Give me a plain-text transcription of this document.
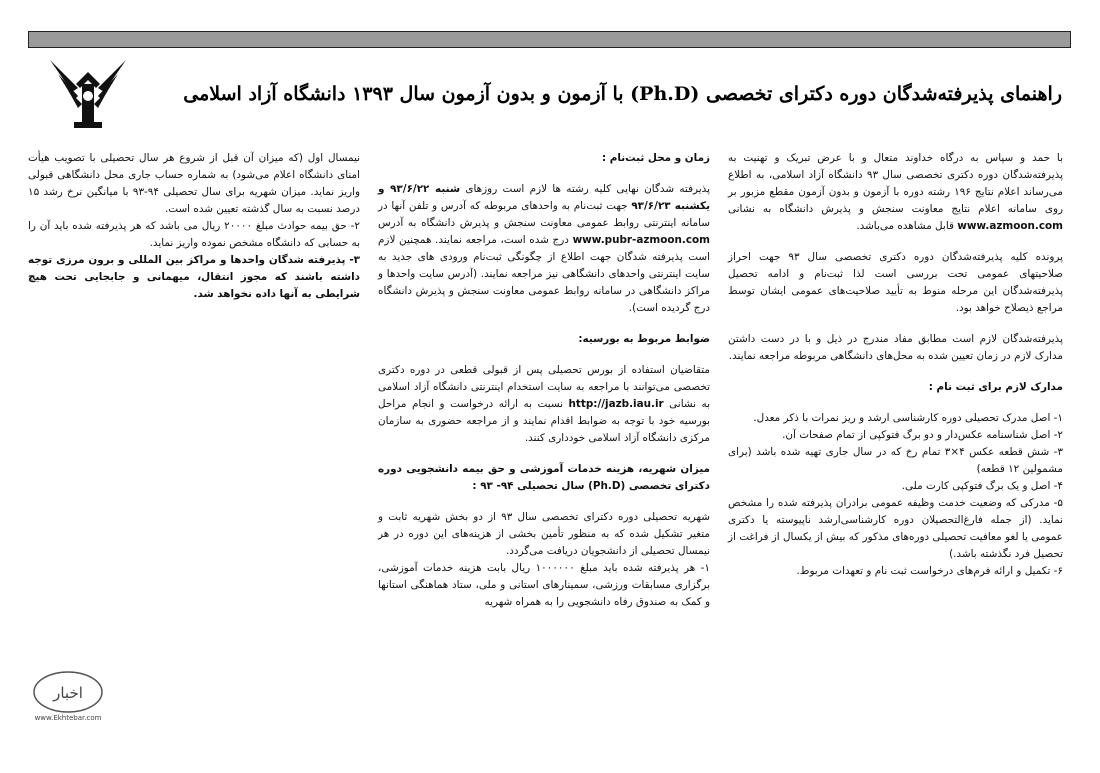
راهنمای پذیرفته‌شدگان دوره دکترای تخصصی (Ph.D) با آزمون و بدون آزمون سال ۱۳۹۳ دانشگاه آزاد اسلامی

با حمد و سپاس به درگاه خداوند متعال و با عرض تبریک و تهنیت به پذیرفته‌شدگان دوره دکتری تخصصی سال ۹۳ دانشگاه آزاد اسلامی، به اطلاع می‌رساند اعلام نتایج ۱۹۶ رشته دوره با آزمون و بدون آزمون مقطع مزبور بر روی سامانه اعلام نتایج معاونت سنجش و پذیرش دانشگاه به نشانی www.azmoon.com قابل مشاهده می‌باشد.

پرونده کلیه پذیرفته‌شدگان دوره دکتری تخصصی سال ۹۳ جهت احراز صلاحیتهای عمومی تحت بررسی است لذا ثبت‌نام و ادامه تحصیل پذیرفته‌شدگان این مرحله منوط به تأیید صلاحیت‌های عمومی ایشان توسط مراجع ذیصلاح خواهد بود.

پذیرفته‌شدگان لازم است مطابق مفاد مندرج در ذیل و با در دست داشتن مدارک لازم در زمان تعیین شده به محل‌های دانشگاهی مربوطه مراجعه نمایند.

مدارک لازم برای ثبت نام :

۱- اصل مدرک تحصیلی دوره کارشناسی ارشد و ریز نمرات با ذکر معدل.

۲- اصل شناسنامه عکس‌دار و دو برگ فتوکپی از تمام صفحات آن.

۳- شش قطعه عکس ۴×۳ تمام رخ که در سال جاری تهیه شده باشد (برای مشمولین ۱۲ قطعه)

۴- اصل و یک برگ فتوکپی کارت ملی.

۵- مدرکی که وضعیت خدمت وظیفه عمومی برادران پذیرفته شده را مشخص نماید. (از جمله فارغ‌التحصیلان دوره کارشناسی‌ارشد ناپیوسته یا دکتری عمومی یا لغو معافیت تحصیلی دوره‌های مذکور که بیش از یکسال از فراغت از تحصیل فرد نگذشته باشد.)

۶- تکمیل و ارائه فرم‌های درخواست ثبت نام و تعهدات مربوط.

زمان و محل ثبت‌نام :

پذیرفته شدگان نهایی کلیه رشته ها لازم است روزهای شنبه ۹۳/۶/۲۲ و یکشنبه ۹۳/۶/۲۳ جهت ثبت‌نام به واحدهای مربوطه که آدرس و تلفن آنها در سامانه اینترنتی روابط عمومی معاونت سنجش و پذیرش دانشگاه به آدرس www.pubr-azmoon.com درج شده است، مراجعه نمایند. همچنین لازم است پذیرفته شدگان جهت اطلاع از چگونگی ثبت‌نام ورودی های جدید به سایت اینترنتی واحدهای دانشگاهی نیز مراجعه نمایند. (آدرس سایت واحدها و مراکز دانشگاهی در سامانه روابط عمومی معاونت سنجش و پذیرش دانشگاه درج گردیده است).

ضوابط مربوط به بورسیه:

متقاضیان استفاده از بورس تحصیلی پس از قبولی قطعی در دوره دکتری تخصصی می‌توانند با مراجعه به سایت استخدام اینترنتی دانشگاه آزاد اسلامی به نشانی http://jazb.iau.ir نسبت به ارائه درخواست و انجام مراحل بورسیه خود با توجه به ضوابط اقدام نمایند و از مراجعه حضوری به سازمان مرکزی دانشگاه آزاد اسلامی خودداری کنند.

میزان شهریه، هزینه خدمات آموزشی و حق بیمه دانشجویی دوره دکترای تخصصی (Ph.D) سال تحصیلی ۹۴- ۹۳ :

شهریه تحصیلی دوره دکترای تخصصی سال ۹۳ از دو بخش شهریه ثابت و متغیر تشکیل شده که به منظور تأمین بخشی از هزینه‌های این دوره در هر نیمسال تحصیلی از دانشجویان دریافت می‌گردد.

۱- هر پذیرفته شده باید مبلغ ۱۰۰۰۰۰۰ ریال بابت هزینه خدمات آموزشی، برگزاری مسابقات ورزشی، سمینارهای استانی و ملی، ستاد هماهنگی استانها و کمک به صندوق رفاه دانشجویی را به همراه شهریه

نیمسال اول (که میزان آن قبل از شروع هر سال تحصیلی با تصویب هیأت امنای دانشگاه اعلام می‌شود) به شماره حساب جاری محل دانشگاهی قبولی واریز نماید. میزان شهریه برای سال تحصیلی ۹۴-۹۳ با میانگین نرخ رشد ۱۵ درصد نسبت به سال گذشته تعیین شده است.

۲- حق بیمه حوادث مبلغ ۲۰۰۰۰ ریال می باشد که هر پذیرفته شده باید آن را به حسابی که دانشگاه مشخص نموده واریز نماید.

۳- پذیرفته شدگان واحدها و مراکز بین المللی و برون مرزی توجه داشته باشند که مجوز انتقال، میهمانی و جابجایی تحت هیچ شرایطی به آنها داده نخواهد شد.

اخبار
www.Ekhtebar.com
